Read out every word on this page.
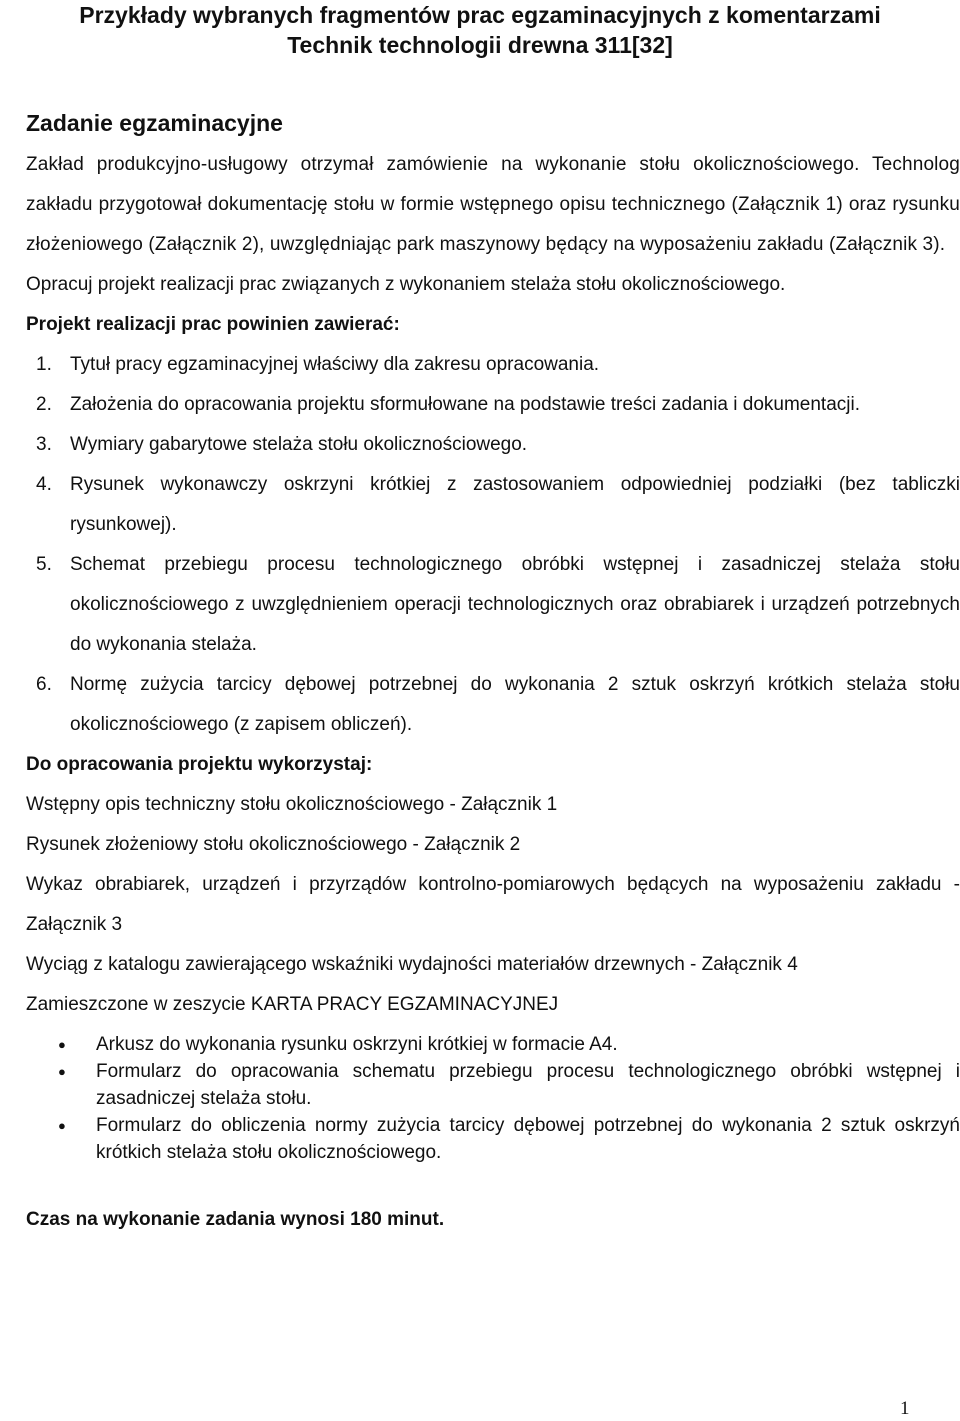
Przykłady wybranych fragmentów prac egzaminacyjnych z komentarzami
Technik technologii drewna 311[32]
Zadanie egzaminacyjne

Zakład produkcyjno-usługowy otrzymał zamówienie na wykonanie stołu okolicznościowego. Technolog zakładu przygotował dokumentację stołu w formie wstępnego opisu technicznego (Załącznik 1) oraz rysunku złożeniowego (Załącznik 2), uwzględniając park maszynowy będący na wyposażeniu zakładu (Załącznik 3).

Opracuj projekt realizacji prac związanych z wykonaniem stelaża stołu okolicznościowego.

Projekt realizacji prac powinien zawierać:

1. Tytuł pracy egzaminacyjnej właściwy dla zakresu opracowania.
2. Założenia do opracowania projektu sformułowane na podstawie treści zadania i dokumentacji.
3. Wymiary gabarytowe stelaża stołu okolicznościowego.
4. Rysunek wykonawczy oskrzyni krótkiej z zastosowaniem odpowiedniej podziałki (bez tabliczki rysunkowej).
5. Schemat przebiegu procesu technologicznego obróbki wstępnej i zasadniczej stelaża stołu okolicznościowego z uwzględnieniem operacji technologicznych oraz obrabiarek i urządzeń potrzebnych do wykonania stelaża.
6. Normę zużycia tarcicy dębowej potrzebnej do wykonania 2 sztuk oskrzyń krótkich stelaża stołu okolicznościowego (z zapisem obliczeń).

Do opracowania projektu wykorzystaj:

Wstępny opis techniczny stołu okolicznościowego - Załącznik 1

Rysunek złożeniowy stołu okolicznościowego - Załącznik 2

Wykaz obrabiarek, urządzeń i przyrządów kontrolno-pomiarowych będących na wyposażeniu zakładu - Załącznik 3

Wyciąg z katalogu zawierającego wskaźniki wydajności materiałów drzewnych - Załącznik 4

Zamieszczone w zeszycie KARTA PRACY EGZAMINACYJNEJ

●	Arkusz do wykonania rysunku oskrzyni krótkiej w formacie A4.
●	Formularz do opracowania schematu przebiegu procesu technologicznego obróbki wstępnej i zasadniczej stelaża stołu.
●	Formularz do obliczenia normy zużycia tarcicy dębowej potrzebnej do wykonania 2 sztuk oskrzyń krótkich stelaża stołu okolicznościowego.
Czas na wykonanie zadania wynosi 180 minut.
1
